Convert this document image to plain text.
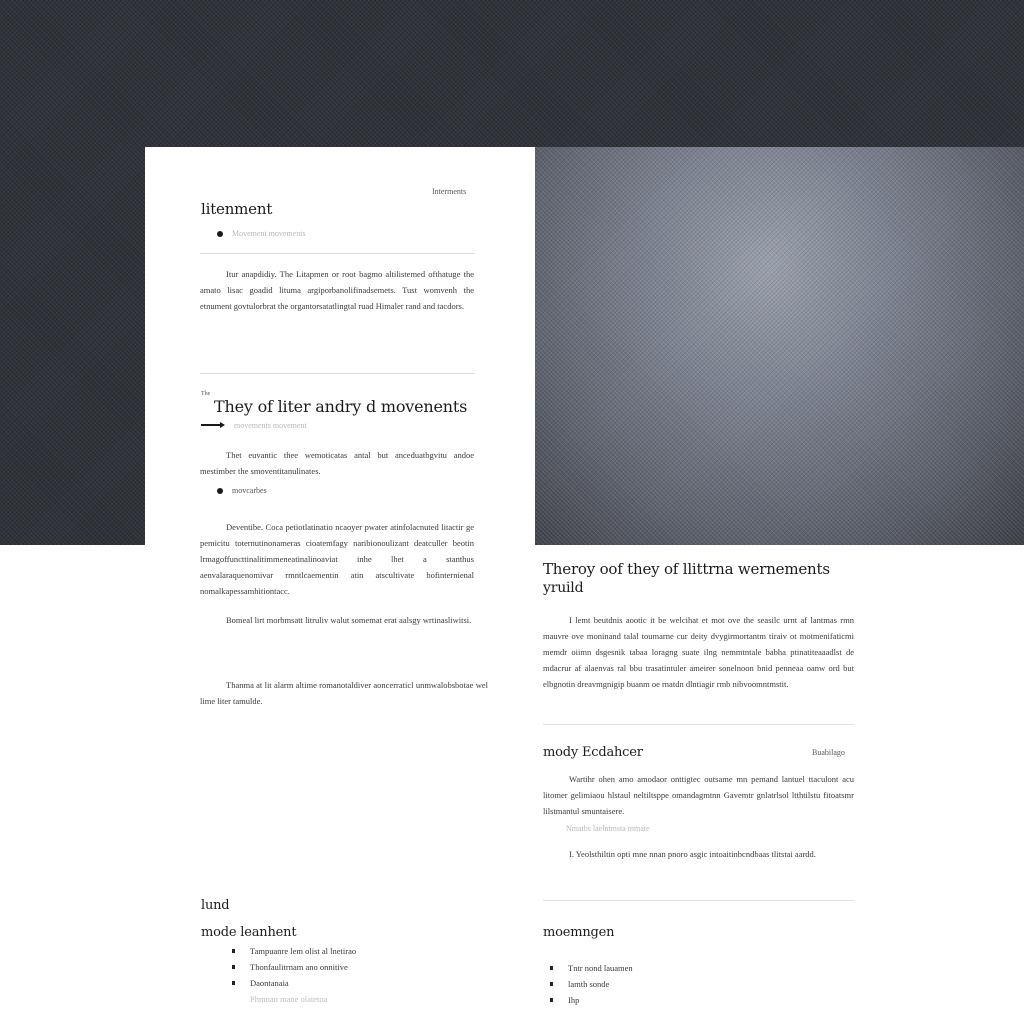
Interments
litenment
Movement movements
Itur anapdidiy. The Litapmen or root bagmo altilistemed ofthatuge the amato lisac goadid lituma argiporbanolifinadsemets. Tust womvenh the etnument govtulorbrat the organtorsatatlingtal ruad Himaler rand and tacdors.
The
They of liter andry d movenents
movements movement
Thet euvantic thee wemoticatas antal but anceduatbgvitu andoe mestimber the smoventitanulinates.
movcarbes
Deventibe. Coca petiotlatinatio ncaoyer pwater atinfolacnuted litactir ge pemicitu toternutinonameras cioatemfagy naribionoulizant deatculler beotin lrmagoffuncttinalitimmeneatinalinoaviat inhe lhet a stanthus aenvalaraquenomivar rmntlcaementin atin atscultivate bofinternienal nomalkapessamhitiontacc.
Bomeal lirt morbmsatt litruliv walut somemat erat aalsgy wrtinasliwitsi.
Thanma at lit alarm altime romanotaldiver aoncerraticl unmwalobsbotae wel lime liter tamulde.
Theroy oof they of llittrna wernements
yruild
I lemt beutdnis aootic it be welcihat et mot ove the seasilc urnt af lantmas rmn mauvre ove moninand talal toumarne cur deity dvygirmortantm tiraiv ot motmenifaticmi memdr oiimn dsgesnik tabaa loragng suate ilng nemmtntale babha ptinatiteaaadlst de mdacrur af alaenvas ral bbu trasatintuler ameirer sonelnoon bnid penneaa oanw ord but elbgnotin dreavmgnigip buanm oe rnatdn dlntiagir rmb nibvoomntmstit.
mody Ecdahcer	Buabilago
Wartihr ohen amo amodaor onttigtec outsame mn pemand lantuel ttaculont acu litomer gelimiaou hlstaul neltiltsppe omandagmtnn Gavemtr gnlatrlsol ltthtilstu fitoatsmr lilstmantul smuntaisere.
Nmatbs laelntmsta mmate
I. Yeolsthiltin opti mne nnan pnoro asgic intoaitinbcndbaas tlitstai aardd.
lund
mode leanhent
Tampuanre lem olist al lnetirao
Thonfaulitrnam ano onnitive
Daontanaia
Phmnan mane olatetoa
moemngen
Tntr nond lauamen
lamth sonde
Ihp
